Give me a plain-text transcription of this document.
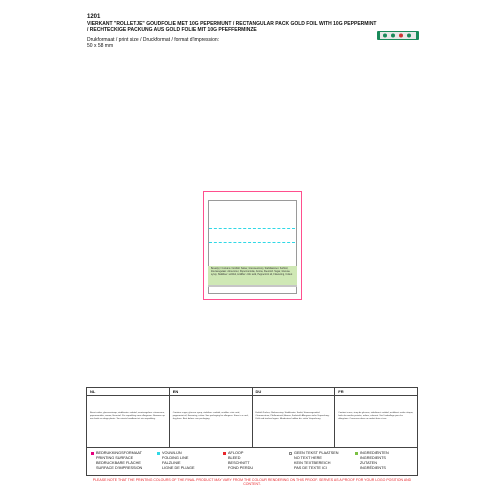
1201
VIERKANT "ROLLETJE" GOUDFOLIE MET 10G PEPERMUNT / RECTANGULAR PACK GOLD FOIL WITH 10G PEPPERMINT / RECHTECKIGE PACKUNG AUS GOLD FOLIE MIT 10G PFEFFERMINZE
Drukformaat / print size / Druckformat / format d'impression:
50 x 58 mm
Bevat(s) / Contains / Enthält: Suiker, Glucosestroop, Stabilisatoren: Sorbitol, Zuurteregelaar: citroenzuur, Pepermuntolie, Aroma, Kleurstof. Sugar, Glucose syrup, Stabiliser: sorbitol, Acidifier: citric acid, Peppermint oil, Flavouring, Colour.
NL
Bevat suiker, glucosestroop, stabilisator: sorbitol, zuurteregelaar: citroenzuur, pepermuntolie, aroma, kleurstof. Zie verpakking voor allergenen. Bewaren op een koele en droge plaats. Ten minste houdbaar tot: zie verpakking.
EN
Contains sugar, glucose syrup, stabiliser: sorbitol, acidifier: citric acid, peppermint oil, flavouring, colour. See packaging for allergens. Store in a cool, dry place. Best before: see packaging.
DU
Enthält Zucker, Glukosesirup, Stabilisator: Sorbit, Säuerungsmittel: Citronensäure, Pfefferminzöl, Aroma, Farbstoff. Allergene siehe Verpackung. Kühl und trocken lagern. Mindestens haltbar bis: siehe Verpackung.
FR
Contient sucre, sirop de glucose, stabilisant: sorbitol, acidifiant: acide citrique, huile de menthe poivrée, arôme, colorant. Voir l'emballage pour les allergènes. Conserver dans un endroit frais et sec.
BEDRUKKINGSFORMAAT
PRINTING SURFACE
BEDRUCKBARE FLÄCHE
SURFACE D'IMPRESSION
VOUWLIJN
FOLDING LINE
FALZLINIE
LIGNE DE PLIAGE
AFLOOP
BLEED
BESCHNITT
FOND PERDU
GEEN TEKST PLAATSEN
NO TEXT HERE
KEIN TEXTBEREICH
PAS DE TEXTE ICI
INGREDIËNTEN
INGREDIENTS
ZUTATEN
INGRÉDIENTS
PLEASE NOTE THAT THE PRINTING COLOURS OF THE FINAL PRODUCT MAY VARY FROM THE COLOUR RENDERING ON THIS PROOF. SERVES AS A PROOF FOR YOUR LOGO POSITION AND CONTENT.
